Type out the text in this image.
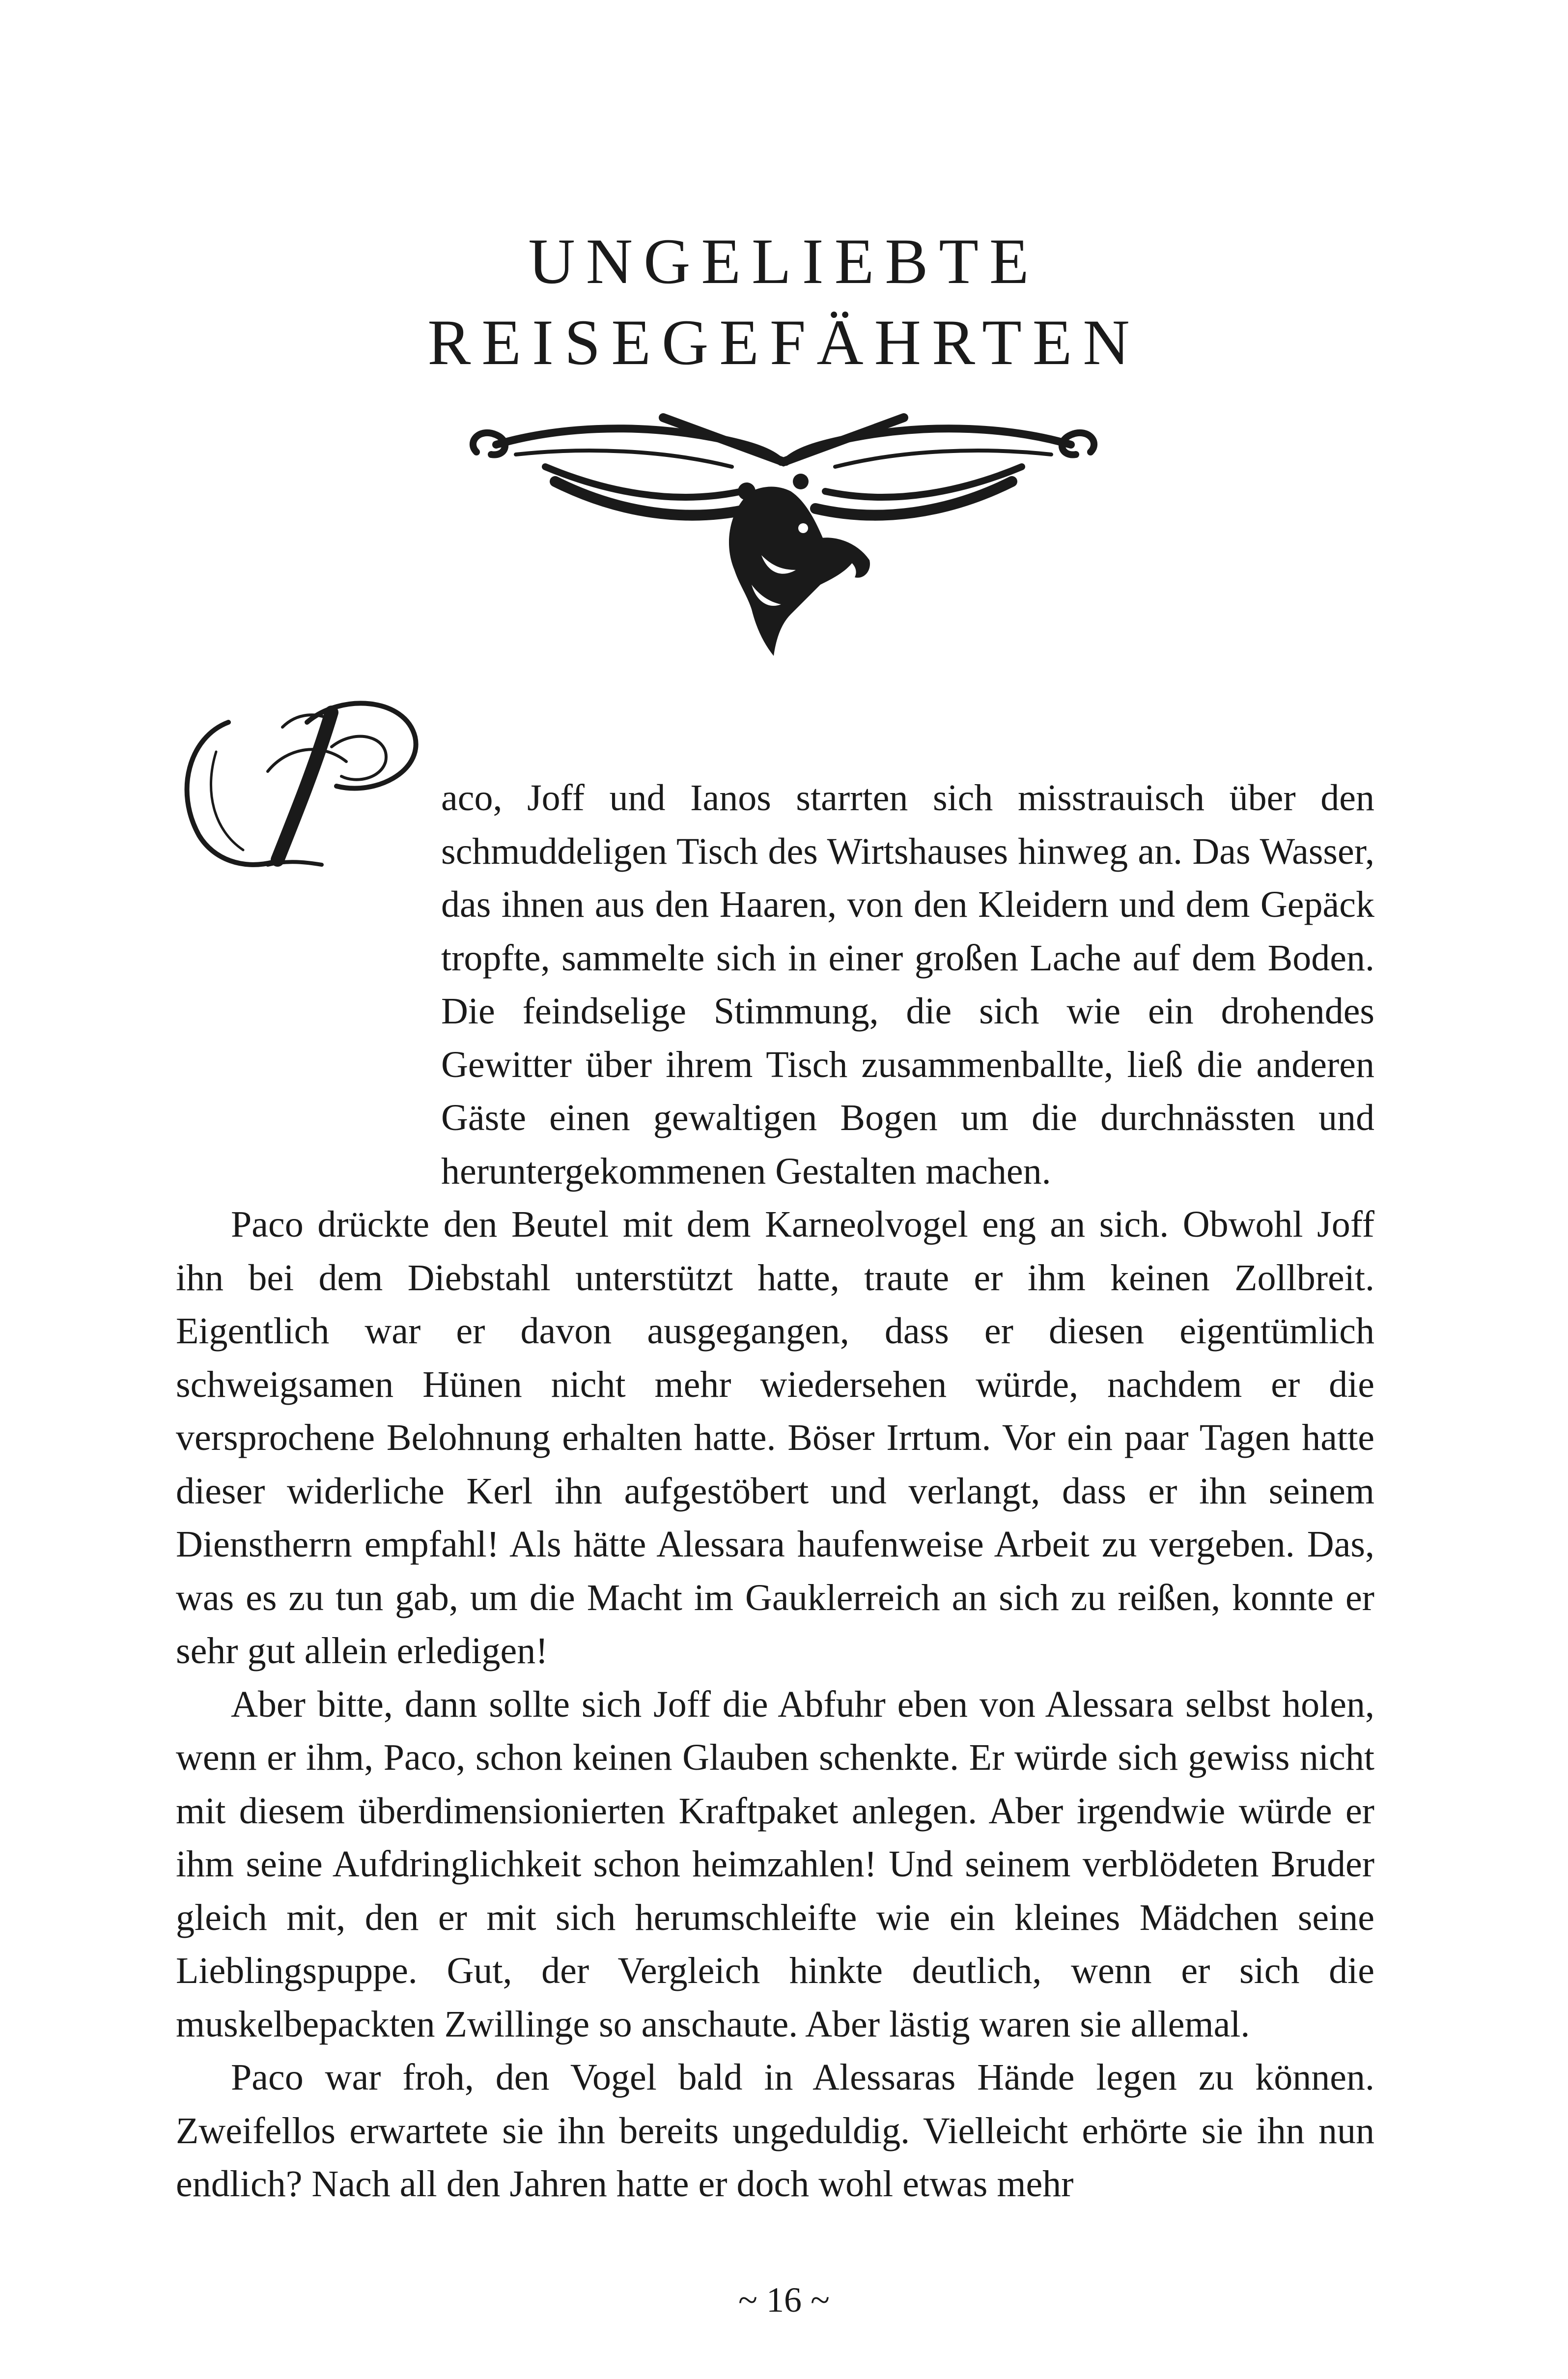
UNGELIEBTE
REISEGEFÄHRTEN

aco, Joff und Ianos starrten sich misstrauisch über den schmuddeligen Tisch des Wirtshauses hinweg an. Das Wasser, das ihnen aus den Haaren, von den Kleidern und dem Gepäck tropfte, sammelte sich in einer großen Lache auf dem Boden. Die feindselige Stimmung, die sich wie ein drohendes Gewitter über ihrem Tisch zusammenballte, ließ die anderen Gäste einen gewaltigen Bogen um die durchnässten und heruntergekommenen Gestalten machen.

Paco drückte den Beutel mit dem Karneolvogel eng an sich. Obwohl Joff ihn bei dem Diebstahl unterstützt hatte, traute er ihm keinen Zollbreit. Eigentlich war er davon ausgegangen, dass er diesen eigentümlich schweigsamen Hünen nicht mehr wiedersehen würde, nachdem er die versprochene Belohnung erhalten hatte. Böser Irrtum. Vor ein paar Tagen hatte dieser widerliche Kerl ihn aufgestöbert und verlangt, dass er ihn seinem Dienstherrn empfahl! Als hätte Alessara haufenweise Arbeit zu vergeben. Das, was es zu tun gab, um die Macht im Gauklerreich an sich zu reißen, konnte er sehr gut allein erledigen!

Aber bitte, dann sollte sich Joff die Abfuhr eben von Alessara selbst holen, wenn er ihm, Paco, schon keinen Glauben schenkte. Er würde sich gewiss nicht mit diesem überdimensionierten Kraftpaket anlegen. Aber irgendwie würde er ihm seine Aufdringlichkeit schon heimzahlen! Und seinem verblödeten Bruder gleich mit, den er mit sich herumschleifte wie ein kleines Mädchen seine Lieblingspuppe. Gut, der Vergleich hinkte deutlich, wenn er sich die muskelbepackten Zwillinge so anschaute. Aber lästig waren sie allemal.

Paco war froh, den Vogel bald in Alessaras Hände legen zu können. Zweifellos erwartete sie ihn bereits ungeduldig. Vielleicht erhörte sie ihn nun endlich? Nach all den Jahren hatte er doch wohl etwas mehr

~ 16 ~
